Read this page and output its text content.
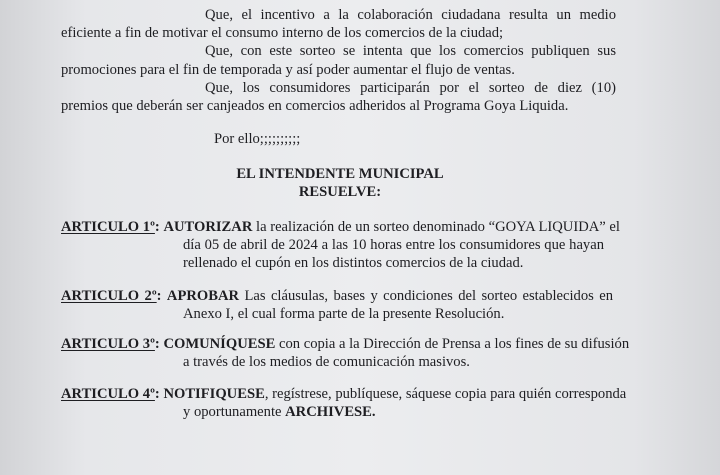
Que, el incentivo a la colaboración ciudadana resulta un medio
eficiente a fin de motivar el consumo interno de los comercios de la ciudad;
Que, con este sorteo se intenta que los comercios publiquen sus
promociones para el fin de temporada y así poder aumentar el flujo de ventas.
Que, los consumidores participarán por el sorteo de diez (10)
premios que deberán ser canjeados en comercios adheridos al Programa Goya Liquida.
Por ello;;;;;;;;;;
EL INTENDENTE MUNICIPAL
RESUELVE:
ARTICULO 1º: AUTORIZAR la realización de un sorteo denominado “GOYA LIQUIDA” el
día 05 de abril de 2024 a las 10 horas entre los consumidores que hayan
rellenado el cupón en los distintos comercios de la ciudad.
ARTICULO 2º: APROBAR Las cláusulas, bases y condiciones del sorteo establecidos en
Anexo I, el cual forma parte de la presente Resolución.
ARTICULO 3º: COMUNÍQUESE con copia a la Dirección de Prensa a los fines de su difusión
a través de los medios de comunicación masivos.
ARTICULO 4º: NOTIFIQUESE, regístrese, publíquese, sáquese copia para quién corresponda
y oportunamente ARCHIVESE.
